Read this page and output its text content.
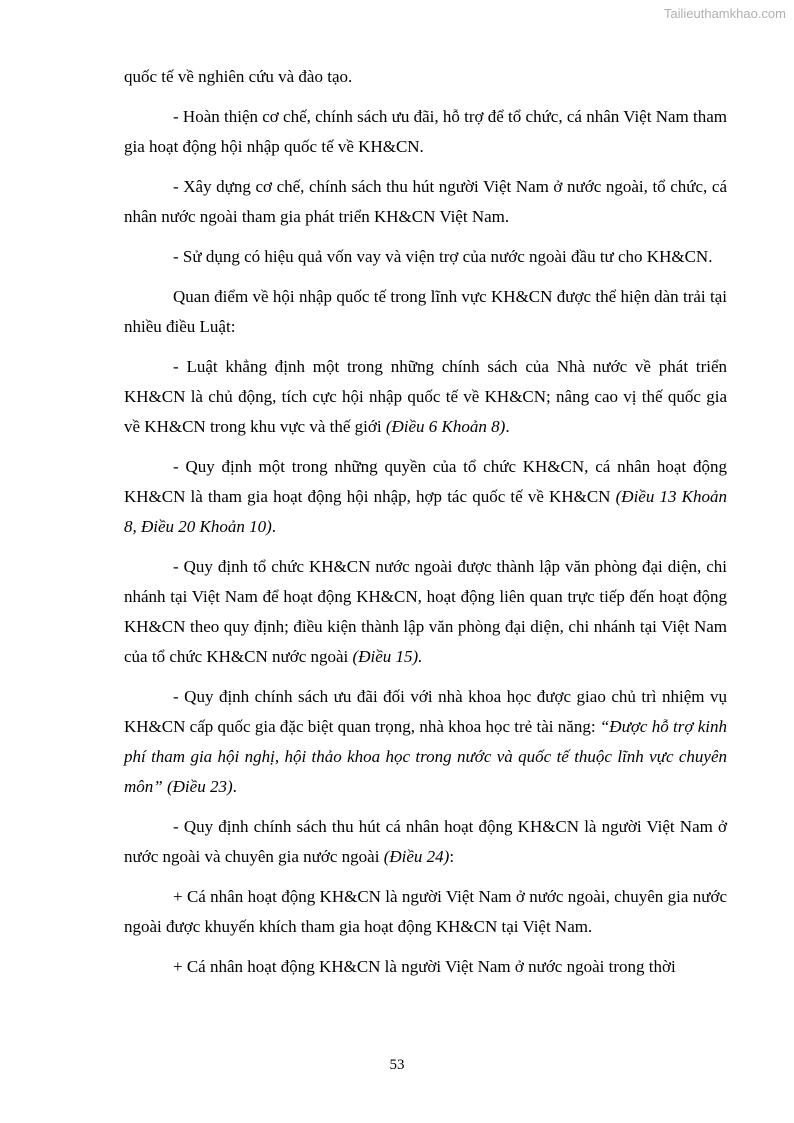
Tailieuthamkhao.com

quốc tế về nghiên cứu và đào tạo.

- Hoàn thiện cơ chế, chính sách ưu đãi, hỗ trợ để tổ chức, cá nhân Việt Nam tham gia hoạt động hội nhập quốc tế về KH&CN.

- Xây dựng cơ chế, chính sách thu hút người Việt Nam ở nước ngoài, tổ chức, cá nhân nước ngoài tham gia phát triển KH&CN Việt Nam.

- Sử dụng có hiệu quả vốn vay và viện trợ của nước ngoài đầu tư cho KH&CN.

Quan điểm về hội nhập quốc tế trong lĩnh vực KH&CN được thể hiện dàn trải tại nhiều điều Luật:

- Luật khẳng định một trong những chính sách của Nhà nước về phát triển KH&CN là chủ động, tích cực hội nhập quốc tế về KH&CN; nâng cao vị thế quốc gia về KH&CN trong khu vực và thế giới (Điều 6 Khoản 8).

- Quy định một trong những quyền của tổ chức KH&CN, cá nhân hoạt động KH&CN là tham gia hoạt động hội nhập, hợp tác quốc tế về KH&CN (Điều 13 Khoản 8, Điều 20 Khoản 10).

- Quy định tổ chức KH&CN nước ngoài được thành lập văn phòng đại diện, chi nhánh tại Việt Nam để hoạt động KH&CN, hoạt động liên quan trực tiếp đến hoạt động KH&CN theo quy định; điều kiện thành lập văn phòng đại diện, chi nhánh tại Việt Nam của tổ chức KH&CN nước ngoài (Điều 15).

- Quy định chính sách ưu đãi đối với nhà khoa học được giao chủ trì nhiệm vụ KH&CN cấp quốc gia đặc biệt quan trọng, nhà khoa học trẻ tài năng: “Được hỗ trợ kinh phí tham gia hội nghị, hội thảo khoa học trong nước và quốc tế thuộc lĩnh vực chuyên môn” (Điều 23).

- Quy định chính sách thu hút cá nhân hoạt động KH&CN là người Việt Nam ở nước ngoài và chuyên gia nước ngoài (Điều 24):

+ Cá nhân hoạt động KH&CN là người Việt Nam ở nước ngoài, chuyên gia nước ngoài được khuyến khích tham gia hoạt động KH&CN tại Việt Nam.

+ Cá nhân hoạt động KH&CN là người Việt Nam ở nước ngoài trong thời

53
